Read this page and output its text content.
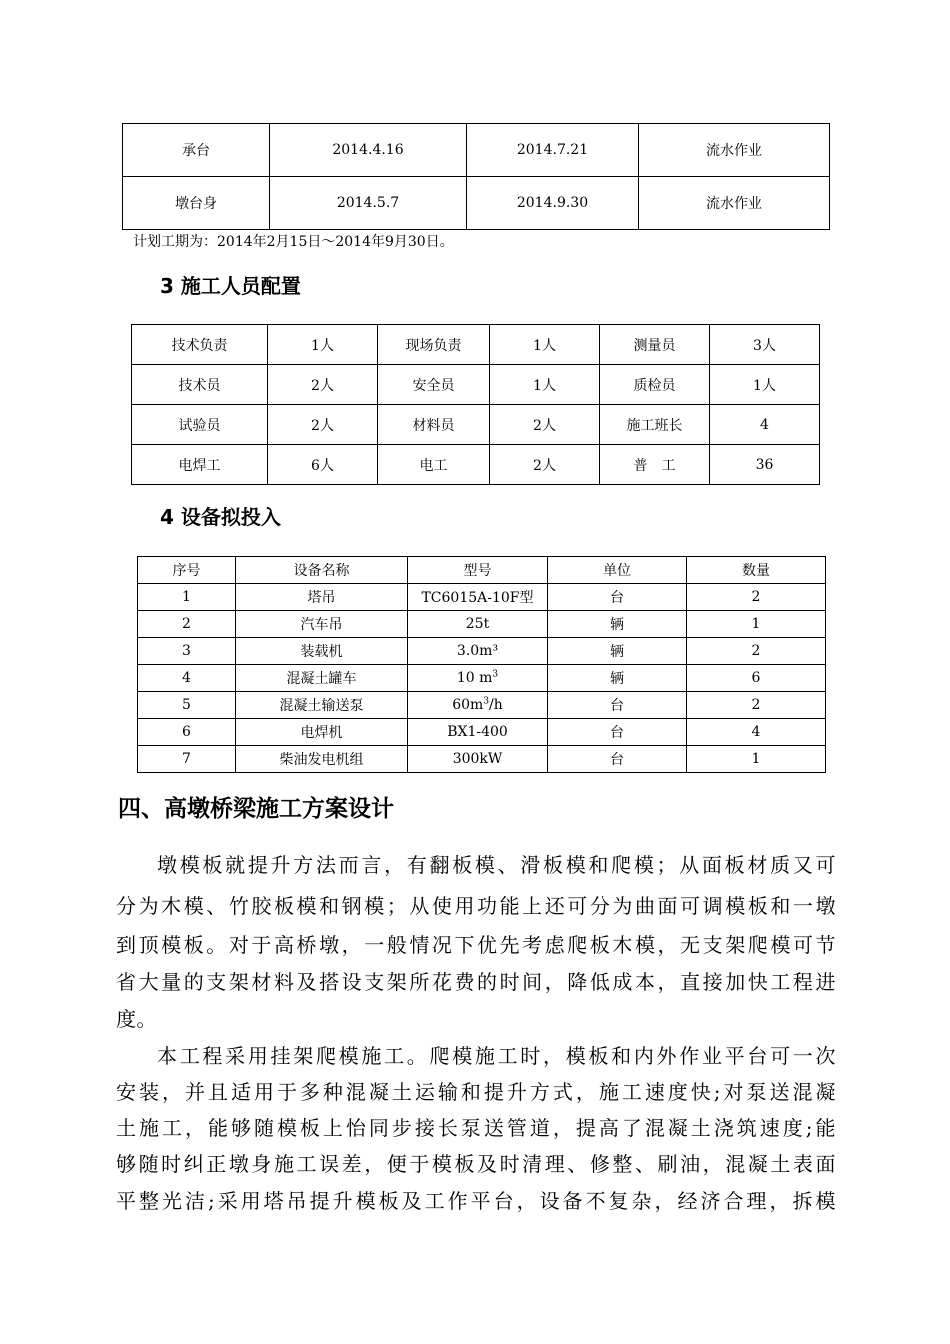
承台	2014.4.16	2014.7.21	流水作业
墩台身	2014.5.7	2014.9.30	流水作业
计划工期为：2014年2月15日～2014年9月30日。
3 施工人员配置
技术负责	1人	现场负责	1人	测量员	3人
技术员	2人	安全员	1人	质检员	1人
试验员	2人	材料员	2人	施工班长	4
电焊工	6人	电工	2人	普　工	36
4 设备拟投入
序号	设备名称	型号	单位	数量
1	塔吊	TC6015A-10F型	台	2
2	汽车吊	25t	辆	1
3	装载机	3.0m³	辆	2
4	混凝土罐车	10 $m^3$	辆	6
5	混凝土输送泵	$60m^3/h$	台	2
6	电焊机	BX1-400	台	4
7	柴油发电机组	300kW	台	1
四、高墩桥梁施工方案设计
墩模板就提升方法而言，有翻板模、滑板模和爬模；从面板材质又可
分为木模、竹胶板模和钢模；从使用功能上还可分为曲面可调模板和一墩
到顶模板。对于高桥墩，一般情况下优先考虑爬板木模，无支架爬模可节
省大量的支架材料及搭设支架所花费的时间，降低成本，直接加快工程进
度。
本工程采用挂架爬模施工。爬模施工时，模板和内外作业平台可一次
安装，并且适用于多种混凝土运输和提升方式，施工速度快;对泵送混凝
土施工，能够随模板上怡同步接长泵送管道，提高了混凝土浇筑速度;能
够随时纠正墩身施工误差，便于模板及时清理、修整、刷油，混凝土表面
平整光洁;采用塔吊提升模板及工作平台，设备不复杂，经济合理，拆模
